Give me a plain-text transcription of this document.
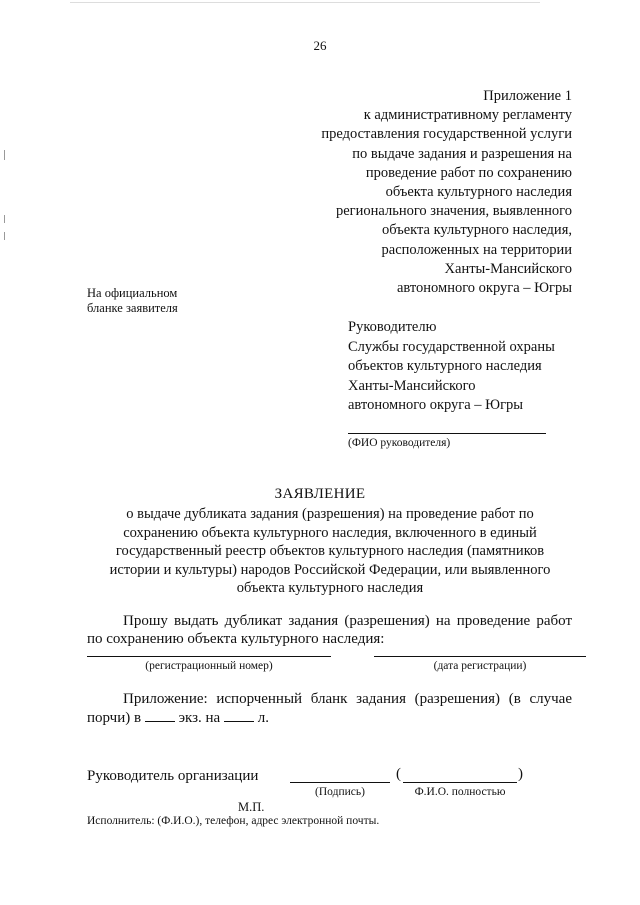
26
Приложение 1
к административному регламенту
предоставления государственной услуги
по выдаче задания и разрешения на
проведение работ по сохранению
объекта культурного наследия
регионального значения, выявленного
объекта культурного наследия,
расположенных на территории
Ханты-Мансийского
автономного округа – Югры
На официальном
бланке заявителя
Руководителю
Службы государственной охраны
объектов культурного наследия
Ханты-Мансийского
автономного округа – Югры
(ФИО руководителя)
ЗАЯВЛЕНИЕ
о выдаче дубликата задания (разрешения) на проведение работ по
сохранению объекта культурного наследия, включенного в единый
государственный реестр объектов культурного наследия (памятников
истории и культуры) народов Российской Федерации, или выявленного
объекта культурного наследия
Прошу выдать дубликат задания (разрешения) на проведение работ по сохранению объекта культурного наследия:
(регистрационный номер)	(дата регистрации)
Приложение: испорченный бланк задания (разрешения) (в случае порчи) в	экз. на	л.
Руководитель организации
(Подпись)
(	)
Ф.И.О. полностью
М.П.
Исполнитель: (Ф.И.О.), телефон, адрес электронной почты.
